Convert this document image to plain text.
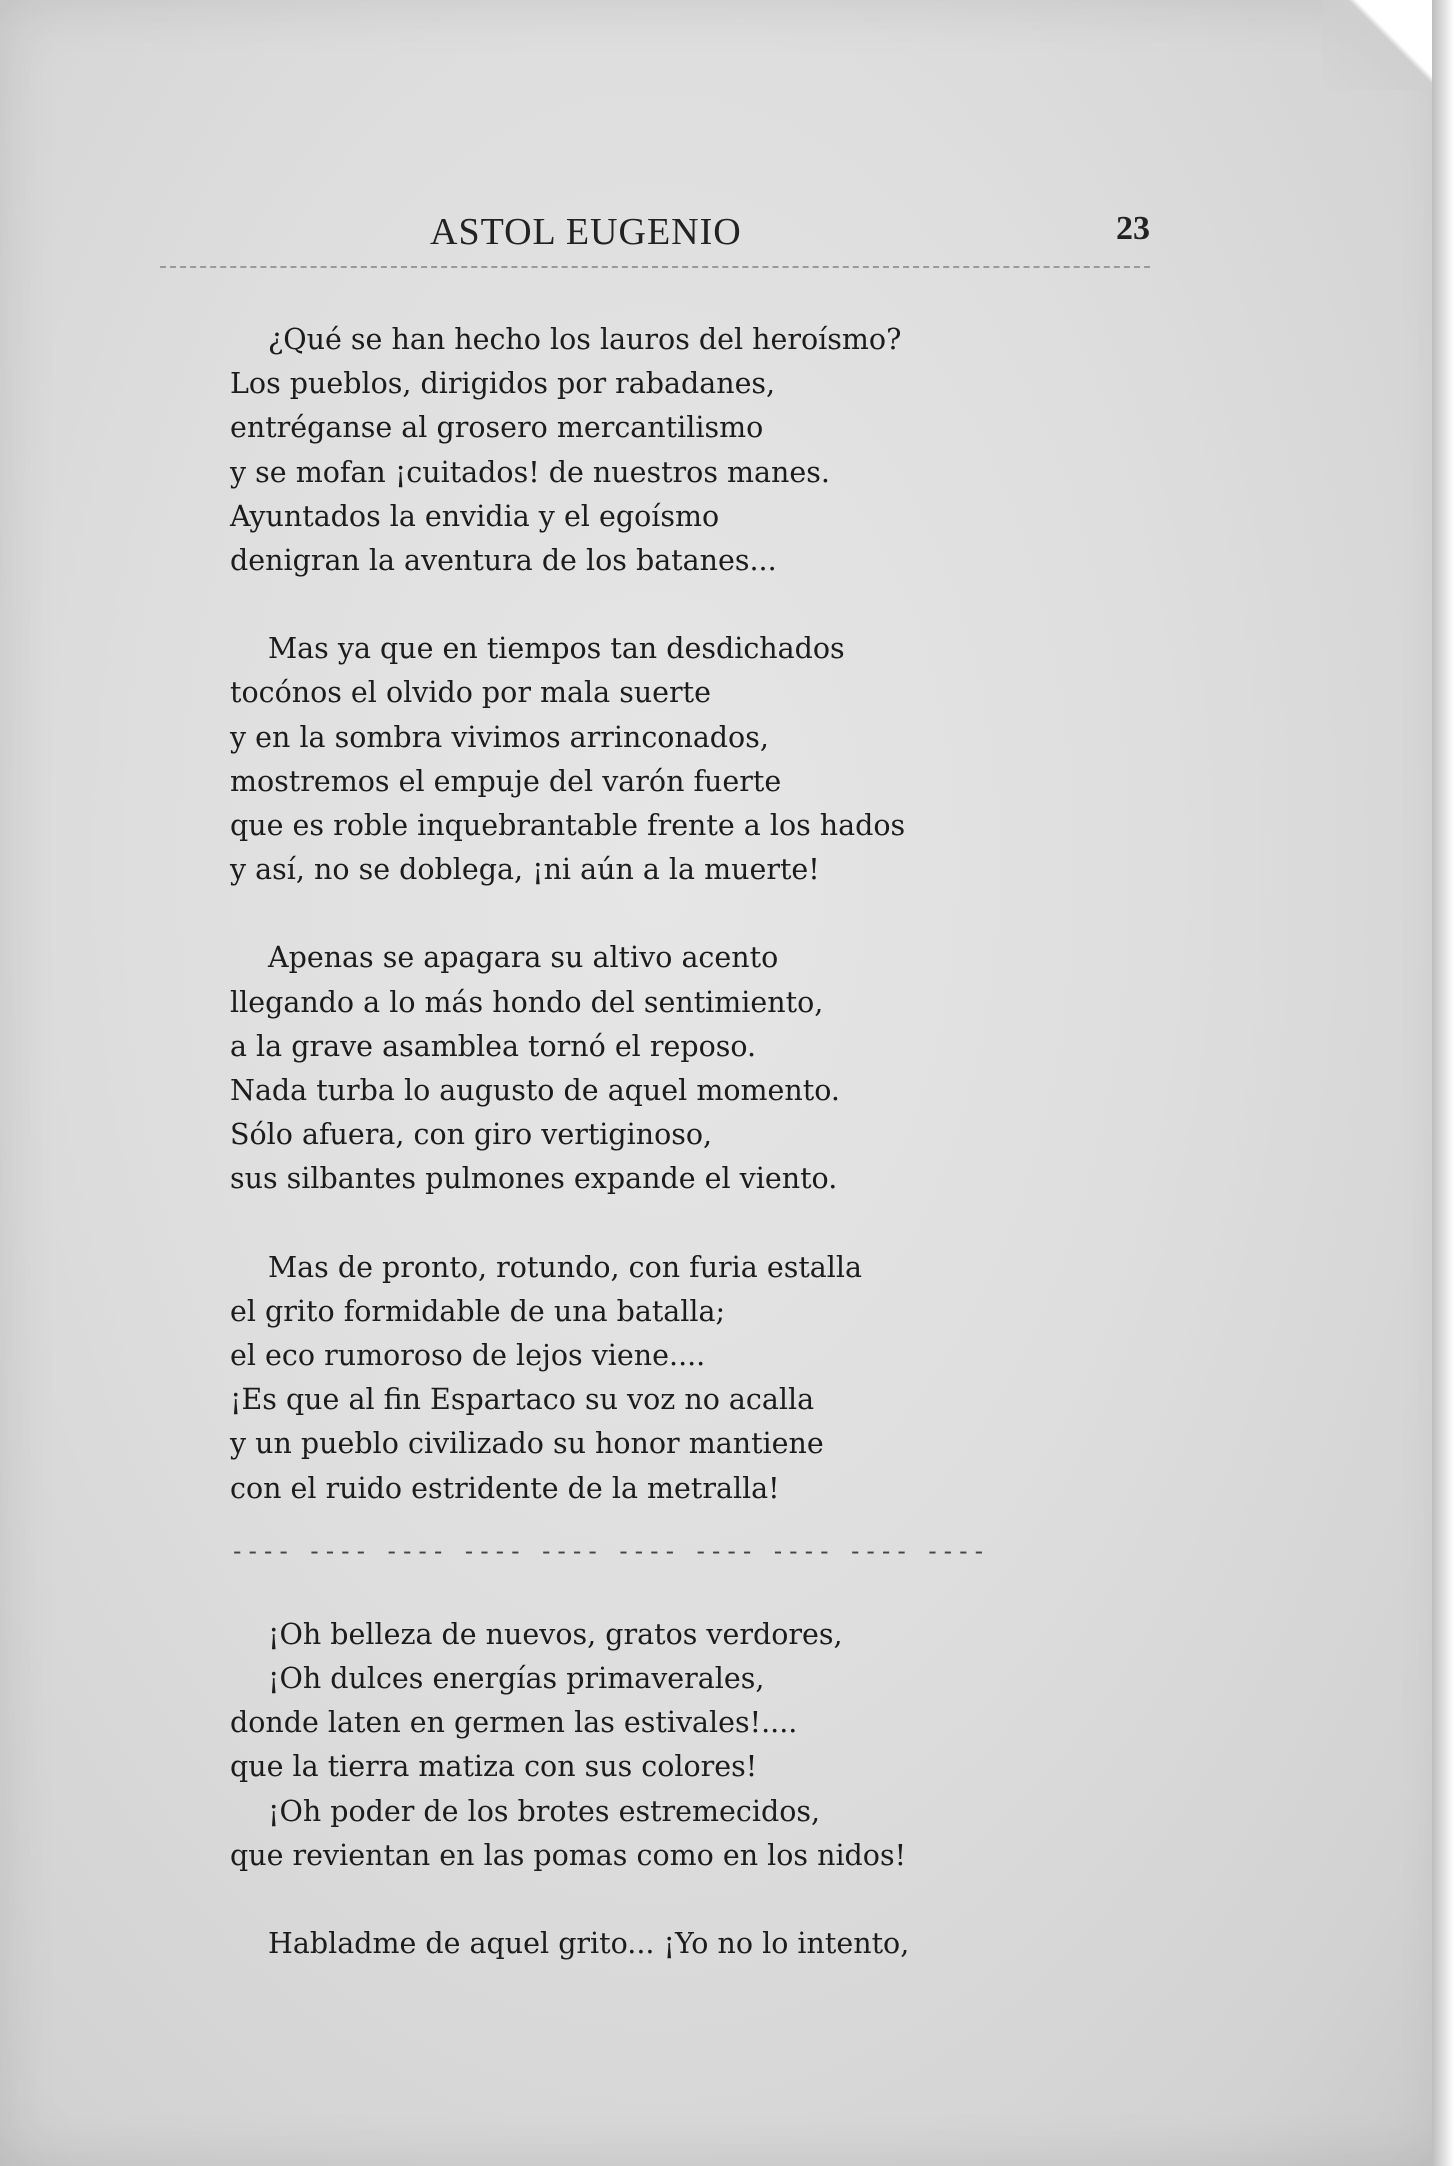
ASTOL EUGENIO	23
¿Qué se han hecho los lauros del heroísmo?
Los pueblos, dirigidos por rabadanes,
entréganse al grosero mercantilismo
y se mofan ¡cuitados! de nuestros manes.
Ayuntados la envidia y el egoísmo
denigran la aventura de los batanes...
Mas ya que en tiempos tan desdichados
tocónos el olvido por mala suerte
y en la sombra vivimos arrinconados,
mostremos el empuje del varón fuerte
que es roble inquebrantable frente a los hados
y así, no se doblega, ¡ni aún a la muerte!
Apenas se apagara su altivo acento
llegando a lo más hondo del sentimiento,
a la grave asamblea tornó el reposo.
Nada turba lo augusto de aquel momento.
Sólo afuera, con giro vertiginoso,
sus silbantes pulmones expande el viento.
Mas de pronto, rotundo, con furia estalla
el grito formidable de una batalla;
el eco rumoroso de lejos viene....
¡Es que al fin Espartaco su voz no acalla
y un pueblo civilizado su honor mantiene
con el ruido estridente de la metralla!
---- ---- ---- ---- ---- ---- ---- ---- ---- ----
¡Oh belleza de nuevos, gratos verdores,
¡Oh dulces energías primaverales,
donde laten en germen las estivales!....
que la tierra matiza con sus colores!
¡Oh poder de los brotes estremecidos,
que revientan en las pomas como en los nidos!
Habladme de aquel grito... ¡Yo no lo intento,
